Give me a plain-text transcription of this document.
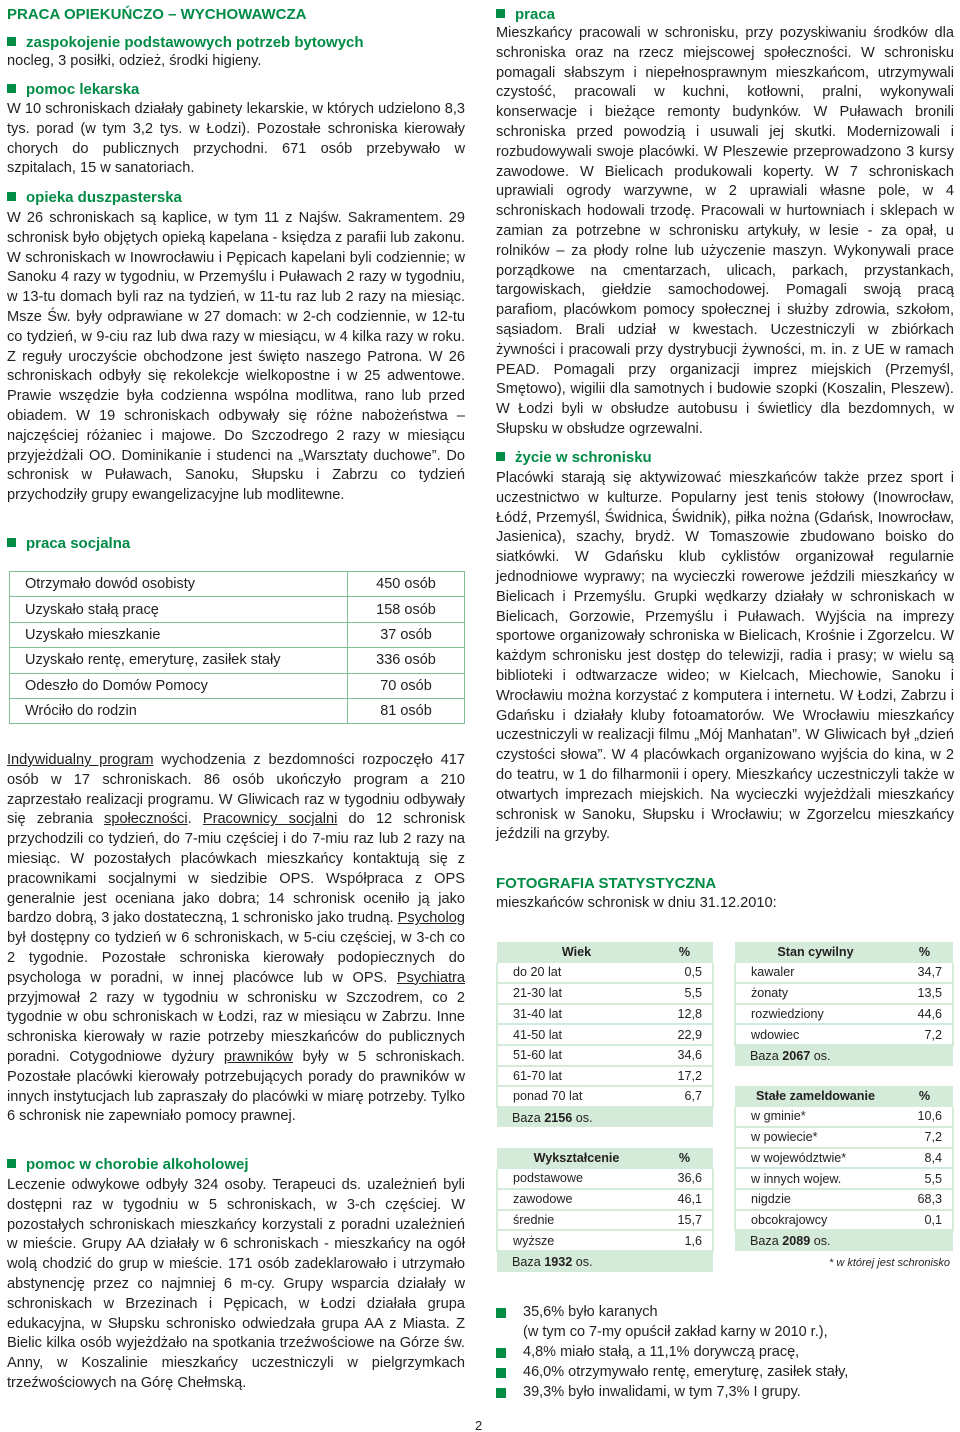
PRACA OPIEKUŃCZO – WYCHOWAWCZA
zaspokojenie podstawowych potrzeb bytowych
nocleg, 3 posiłki, odzież, środki higieny.
pomoc lekarska
W 10 schroniskach działały gabinety lekarskie, w których udzielono 8,3 tys. porad (w tym 3,2 tys. w Łodzi). Pozostałe schroniska kierowały chorych do publicznych przychodni. 671 osób przebywało w szpitalach, 15 w sanatoriach.
opieka duszpasterska
W 26 schroniskach są kaplice, w tym 11 z Najśw. Sakramentem. 29 schronisk było objętych opieką kapelana - księdza z parafii lub zakonu. W schroniskach w Inowrocławiu i Pępicach kapelani byli codziennie; w Sanoku 4 razy w tygodniu, w Przemyślu i Puławach 2 razy w tygodniu, w 13-tu domach byli raz na tydzień, w 11-tu raz lub 2 razy na miesiąc. Msze Św. były odprawiane w 27 domach: w 2-ch codziennie, w 12-tu co tydzień, w 9-ciu raz lub dwa razy w miesiącu, w 4 kilka razy w roku. Z reguły uroczyście obchodzone jest święto naszego Patrona. W 26 schroniskach odbyły się rekolekcje wielkopostne i w 25 adwentowe. Prawie wszędzie była codzienna wspólna modlitwa, rano lub przed obiadem. W 19 schroniskach odbywały się różne nabożeństwa – najczęściej różaniec i majowe. Do Szczodrego 2 razy w miesiącu przyjeżdżali OO. Dominikanie i studenci na „Warsztaty duchowe”. Do schronisk w Puławach, Sanoku, Słupsku i Zabrzu co tydzień przychodziły grupy ewangelizacyjne lub modlitewne.
praca socjalna
Otrzymało dowód osobisty	450 osób
Uzyskało stałą pracę	158 osób
Uzyskało mieszkanie	37 osób
Uzyskało rentę, emeryturę, zasiłek stały	336 osób
Odeszło do Domów Pomocy	70 osób
Wróciło do rodzin	81 osób
Indywidualny program wychodzenia z bezdomności rozpoczęło 417 osób w 17 schroniskach. 86 osób ukończyło program a 210 zaprzestało realizacji programu. W Gliwicach raz w tygodniu odbywały się zebrania społeczności. Pracownicy socjalni do 12 schronisk przychodzili co tydzień, do 7-miu częściej i do 7-miu raz lub 2 razy na miesiąc. W pozostałych placówkach mieszkańcy kontaktują się z pracownikami socjalnymi w siedzibie OPS. Współpraca z OPS generalnie jest oceniana jako dobra; 14 schronisk oceniło ją jako bardzo dobrą, 3 jako dostateczną, 1 schronisko jako trudną. Psycholog był dostępny co tydzień w 6 schroniskach, w 5-ciu częściej, w 3-ch co 2 tygodnie. Pozostałe schroniska kierowały podopiecznych do psychologa w poradni, w innej placówce lub w OPS. Psychiatra przyjmował 2 razy w tygodniu w schronisku w Szczodrem, co 2 tygodnie w obu schroniskach w Łodzi, raz w miesiącu w Zabrzu. Inne schroniska kierowały w razie potrzeby mieszkańców do publicznych poradni. Cotygodniowe dyżury prawników były w 5 schroniskach. Pozostałe placówki kierowały potrzebujących porady do prawników w innych instytucjach lub zapraszały do placówki w miarę potrzeby. Tylko 6 schronisk nie zapewniało pomocy prawnej.
pomoc w chorobie alkoholowej
Leczenie odwykowe odbyły 324 osoby. Terapeuci ds. uzależnień byli dostępni raz w tygodniu w 5 schroniskach, w 3-ch częściej. W pozostałych schroniskach mieszkańcy korzystali z poradni uzależnień w mieście. Grupy AA działały w 6 schroniskach - mieszkańcy na ogół wolą chodzić do grup w mieście. 171 osób zadeklarowało i utrzymało abstynencję przez co najmniej 6 m-cy. Grupy wsparcia działały w schroniskach w Brzezinach i Pępicach, w Łodzi działała grupa edukacyjna, w Słupsku schronisko odwiedzała grupa AA z Miasta. Z Bielic kilka osób wyjeżdżało na spotkania trzeźwościowe na Górze św. Anny, w Koszalinie mieszkańcy uczestniczyli w pielgrzymkach trzeźwościowych na Górę Chełmską.
praca
Mieszkańcy pracowali w schronisku, przy pozyskiwaniu środków dla schroniska oraz na rzecz miejscowej społeczności. W schronisku pomagali słabszym i niepełnosprawnym mieszkańcom, utrzymywali czystość, pracowali w kuchni, kotłowni, pralni, wykonywali konserwacje i bieżące remonty budynków. W Puławach bronili schroniska przed powodzią i usuwali jej skutki. Modernizowali i rozbudowywali swoje placówki. W Pleszewie przeprowadzono 3 kursy zawodowe. W Bielicach produkowali koperty. W 7 schroniskach uprawiali ogrody warzywne, w 2 uprawiali własne pole, w 4 schroniskach hodowali trzodę. Pracowali w hurtowniach i sklepach w zamian za potrzebne w schronisku artykuły, w lesie - za opał, u rolników – za płody rolne lub użyczenie maszyn. Wykonywali prace porządkowe na cmentarzach, ulicach, parkach, przystankach, targowiskach, giełdzie samochodowej. Pomagali swoją pracą parafiom, placówkom pomocy społecznej i służby zdrowia, szkołom, sąsiadom. Brali udział w kwestach. Uczestniczyli w zbiórkach żywności i pracowali przy dystrybucji żywności, m. in. z UE w ramach PEAD. Pomagali przy organizacji imprez miejskich (Przemyśl, Smętowo), wigilii dla samotnych i budowie szopki (Koszalin, Pleszew). W Łodzi byli w obsłudze autobusu i świetlicy dla bezdomnych, w Słupsku w obsłudze ogrzewalni.
życie w schronisku
Placówki starają się aktywizować mieszkańców także przez sport i uczestnictwo w kulturze. Popularny jest tenis stołowy (Inowrocław, Łódź, Przemyśl, Świdnica, Świdnik), piłka nożna (Gdańsk, Inowrocław, Jasienica), szachy, brydż. W Tomaszowie zbudowano boisko do siatkówki. W Gdańsku klub cyklistów organizował regularnie jednodniowe wyprawy; na wycieczki rowerowe jeździli mieszkańcy w Bielicach i Przemyślu. Grupki wędkarzy działały w schroniskach w Bielicach, Gorzowie, Przemyślu i Puławach. Wyjścia na imprezy sportowe organizowały schroniska w Bielicach, Krośnie i Zgorzelcu. W każdym schronisku jest dostęp do telewizji, radia i prasy; w wielu są biblioteki i odtwarzacze wideo; w Kielcach, Miechowie, Sanoku i Wrocławiu można korzystać z komputera i internetu. W Łodzi, Zabrzu i Gdańsku i działały kluby fotoamatorów. We Wrocławiu mieszkańcy uczestniczyli w realizacji filmu „Mój Manhatan”. W Gliwicach był „dzień czystości słowa”. W 4 placówkach organizowano wyjścia do kina, w 2 do teatru, w 1 do filharmonii i opery. Mieszkańcy uczestniczyli także w otwartych imprezach miejskich. Na wycieczki wyjeżdżali mieszkańcy schronisk w Sanoku, Słupsku i Wrocławiu; w Zgorzelcu mieszkańcy jeździli na grzyby.
FOTOGRAFIA STATYSTYCZNA
mieszkańców schronisk w dniu 31.12.2010:
Wiek	%
do 20 lat	0,5
21-30 lat	5,5
31-40 lat	12,8
41-50 lat	22,9
51-60 lat	34,6
61-70 lat	17,2
ponad 70 lat	6,7
Baza 2156 os.	
Stan cywilny	%
kawaler	34,7
żonaty	13,5
rozwiedziony	44,6
wdowiec	7,2
Baza 2067 os.	
Stałe zameldowanie	%
w gminie*	10,6
w powiecie*	7,2
w województwie*	8,4
w innych wojew.	5,5
nigdzie	68,3
obcokrajowcy	0,1
Baza 2089 os.	
Wykształcenie	%
podstawowe	36,6
zawodowe	46,1
średnie	15,7
wyższe	1,6
Baza 1932 os.		* w której jest schronisko
35,6% było karanych
(w tym co 7-my opuścił zakład karny w 2010 r.),
4,8% miało stałą, a 11,1% dorywczą pracę,
46,0% otrzymywało rentę, emeryturę, zasiłek stały,
39,3% było inwalidami, w tym 7,3% I grupy.
2
